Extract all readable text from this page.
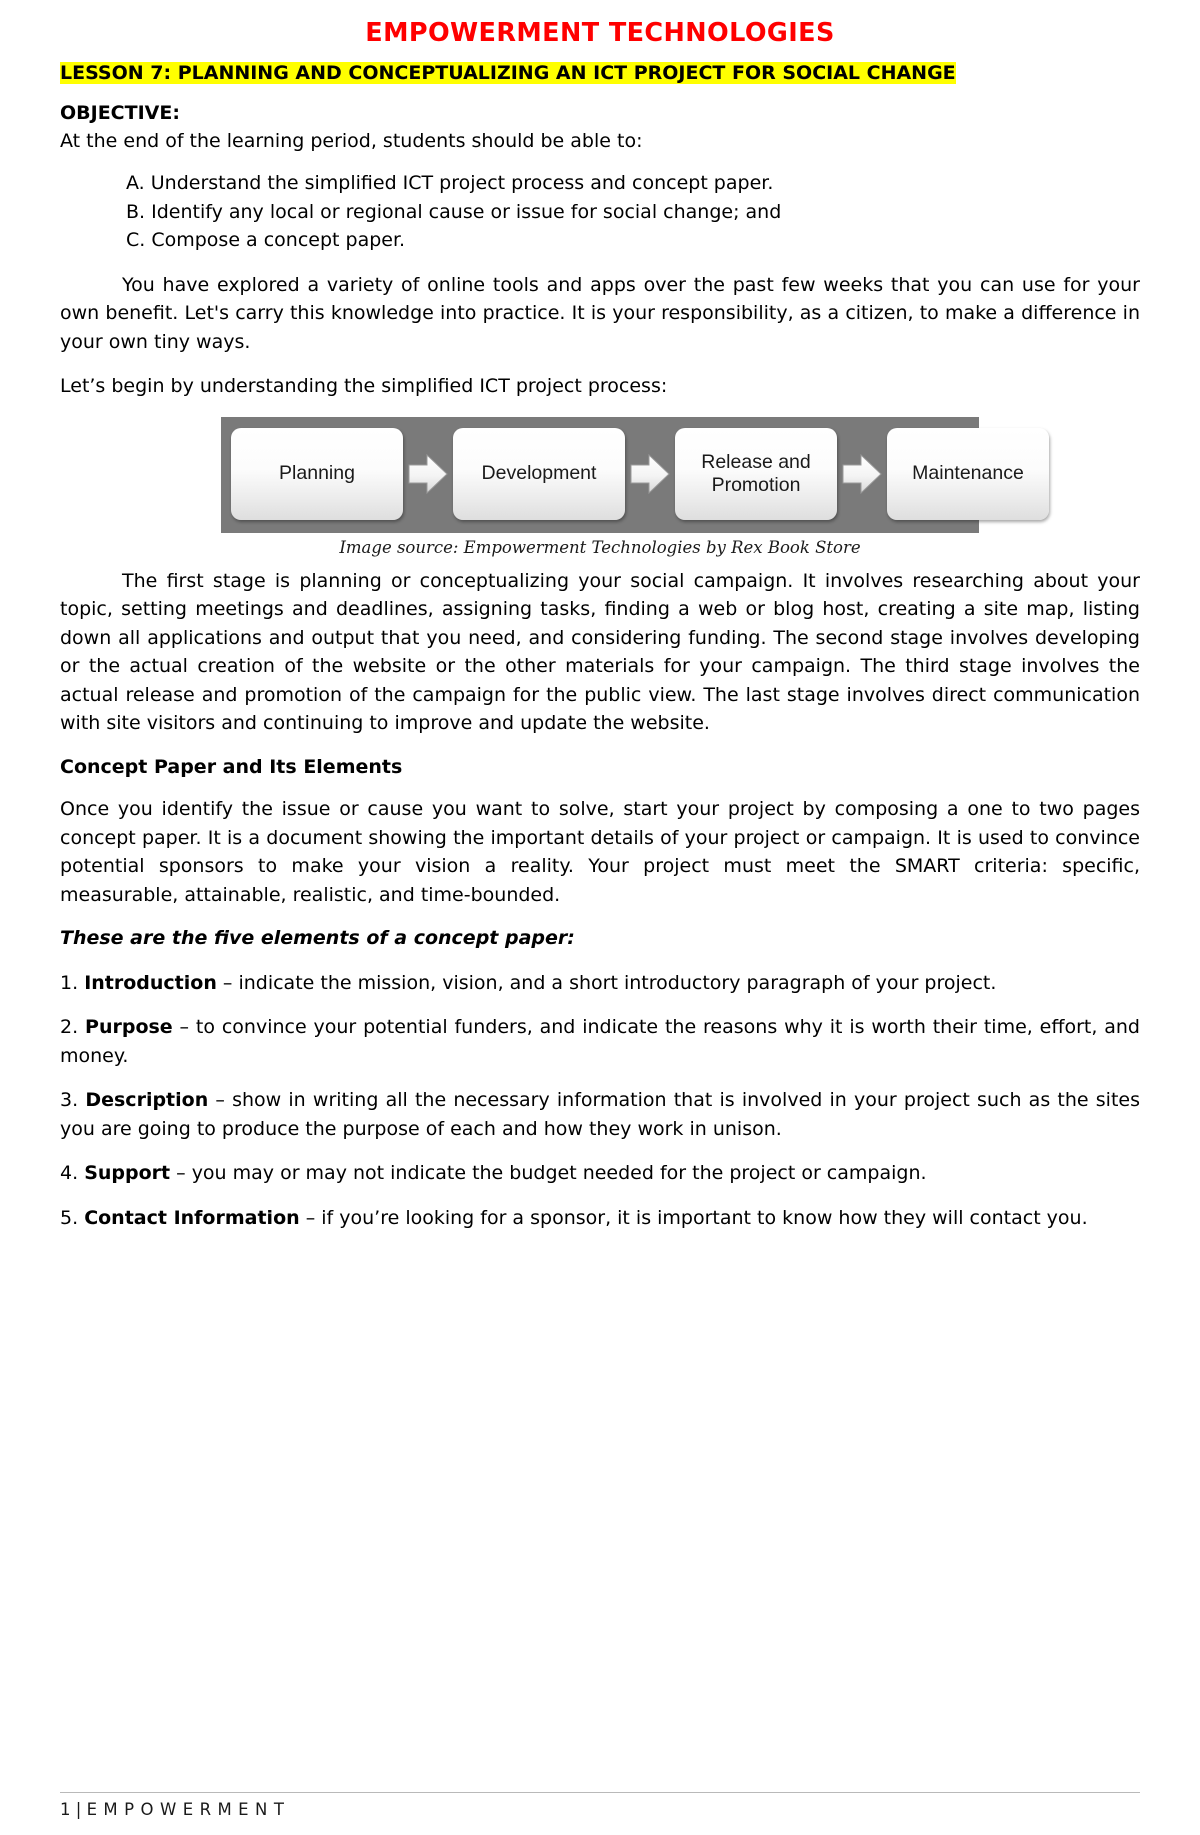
EMPOWERMENT TECHNOLOGIES
LESSON 7: PLANNING AND CONCEPTUALIZING AN ICT PROJECT FOR SOCIAL CHANGE
OBJECTIVE:
At the end of the learning period, students should be able to:
A. Understand the simplified ICT project process and concept paper.
B. Identify any local or regional cause or issue for social change; and
C. Compose a concept paper.

You have explored a variety of online tools and apps over the past few weeks that you can use for your own benefit. Let's carry this knowledge into practice. It is your responsibility, as a citizen, to make a difference in your own tiny ways.

Let’s begin by understanding the simplified ICT project process:

Planning	Development
Release and Promotion
Maintenance
Image source: Empowerment Technologies by Rex Book Store

The first stage is planning or conceptualizing your social campaign. It involves researching about your topic, setting meetings and deadlines, assigning tasks, finding a web or blog host, creating a site map, listing down all applications and output that you need, and considering funding. The second stage involves developing or the actual creation of the website or the other materials for your campaign. The third stage involves the actual release and promotion of the campaign for the public view. The last stage involves direct communication with site visitors and continuing to improve and update the website.

Concept Paper and Its Elements

Once you identify the issue or cause you want to solve, start your project by composing a one to two pages concept paper. It is a document showing the important details of your project or campaign. It is used to convince potential sponsors to make your vision a reality. Your project must meet the SMART criteria: specific, measurable, attainable, realistic, and time-bounded.

These are the five elements of a concept paper:

1. Introduction – indicate the mission, vision, and a short introductory paragraph of your project.
2. Purpose – to convince your potential funders, and indicate the reasons why it is worth their time, effort, and money.
3. Description – show in writing all the necessary information that is involved in your project such as the sites you are going to produce the purpose of each and how they work in unison.
4. Support – you may or may not indicate the budget needed for the project or campaign.
5. Contact Information – if you’re looking for a sponsor, it is important to know how they will contact you.
1 | E M P O W E R M E N T
